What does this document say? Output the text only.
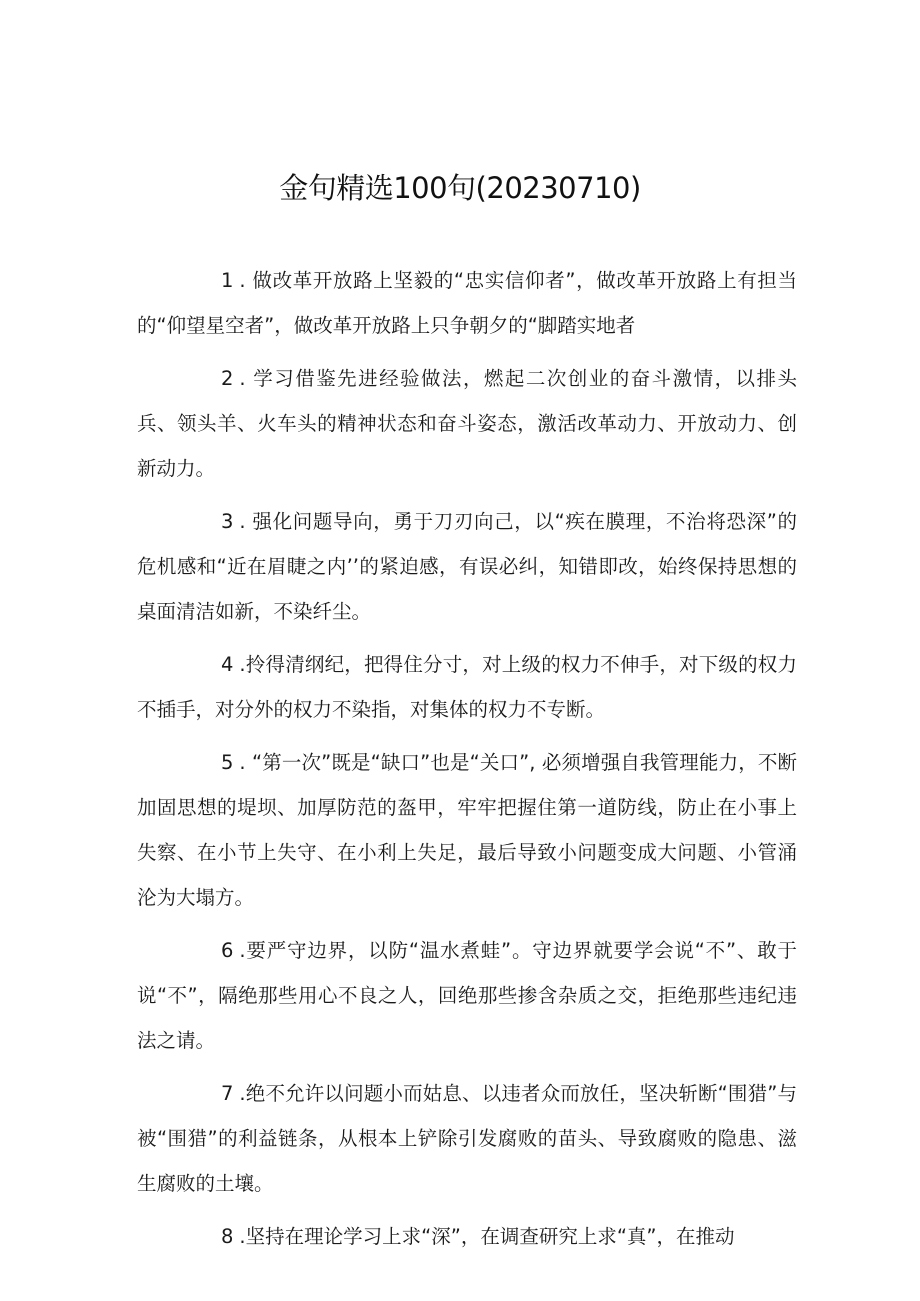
金句精选100句(20230710)

1 . 做改革开放路上坚毅的“忠实信仰者”，做改革开放路上有担当的“仰望星空者”，做改革开放路上只争朝夕的“脚踏实地者

2 . 学习借鉴先进经验做法，燃起二次创业的奋斗激情，以排头兵、领头羊、火车头的精神状态和奋斗姿态，激活改革动力、开放动力、创新动力。

3 . 强化问题导向，勇于刀刃向己，以“疾在膜理，不治将恐深”的危机感和“近在眉睫之内’’的紧迫感，有误必纠，知错即改，始终保持思想的桌面清洁如新，不染纤尘。

4 .拎得清纲纪，把得住分寸，对上级的权力不伸手，对下级的权力不插手，对分外的权力不染指，对集体的权力不专断。

5 . “第一次”既是“缺口”也是“关口”, 必须增强自我管理能力，不断加固思想的堤坝、加厚防范的盔甲，牢牢把握住第一道防线，防止在小事上失察、在小节上失守、在小利上失足，最后导致小问题变成大问题、小管涌沦为大塌方。

6 .要严守边界，以防“温水煮蛙”。守边界就要学会说“不”、敢于说“不”，隔绝那些用心不良之人，回绝那些掺含杂质之交，拒绝那些违纪违法之请。

7 .绝不允许以问题小而姑息、以违者众而放任，坚决斩断“围猎”与被“围猎”的利益链条，从根本上铲除引发腐败的苗头、导致腐败的隐患、滋生腐败的土壤。

8 .坚持在理论学习上求“深”，在调查研究上求“真”，在推动
